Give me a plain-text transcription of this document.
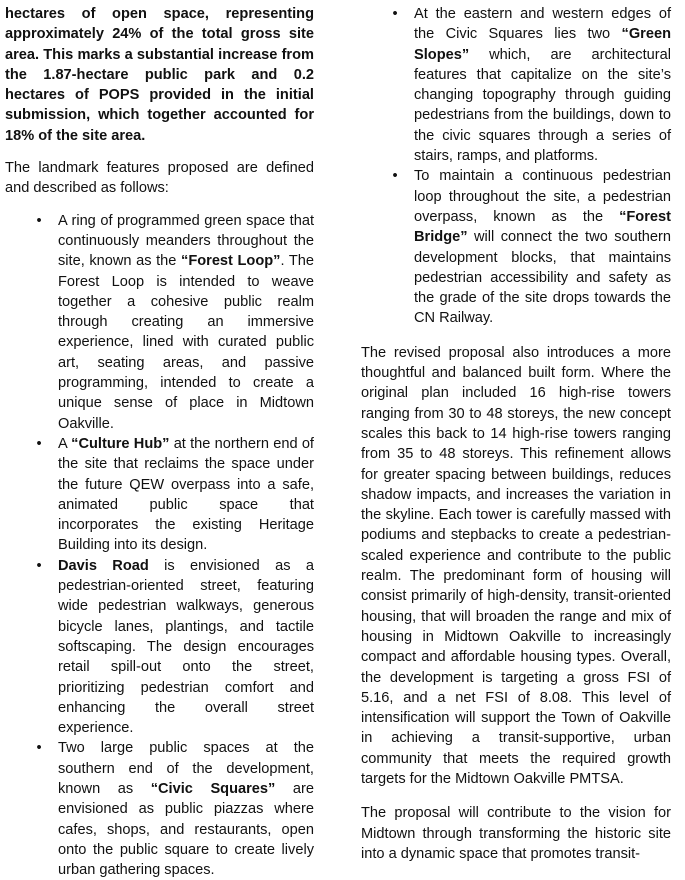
hectares of open space, representing approximately 24% of the total gross site area. This marks a substantial increase from the 1.87-hectare public park and 0.2 hectares of POPS provided in the initial submission, which together accounted for 18% of the site area.

The landmark features proposed are defined and described as follows:

• A ring of programmed green space that continuously meanders throughout the site, known as the “Forest Loop”. The Forest Loop is intended to weave together a cohesive public realm through creating an immersive experience, lined with curated public art, seating areas, and passive programming, intended to create a unique sense of place in Midtown Oakville.
• A “Culture Hub” at the northern end of the site that reclaims the space under the future QEW overpass into a safe, animated public space that incorporates the existing Heritage Building into its design.
• Davis Road is envisioned as a pedestrian-oriented street, featuring wide pedestrian walkways, generous bicycle lanes, plantings, and tactile softscaping. The design encourages retail spill-out onto the street, prioritizing pedestrian comfort and enhancing the overall street experience.
• Two large public spaces at the southern end of the development, known as “Civic Squares” are envisioned as public piazzas where cafes, shops, and restaurants, open onto the public square to create lively urban gathering spaces.
• At the eastern and western edges of the Civic Squares lies two “Green Slopes” which, are architectural features that capitalize on the site’s changing topography through guiding pedestrians from the buildings, down to the civic squares through a series of stairs, ramps, and platforms.
• To maintain a continuous pedestrian loop throughout the site, a pedestrian overpass, known as the “Forest Bridge” will connect the two southern development blocks, that maintains pedestrian accessibility and safety as the grade of the site drops towards the CN Railway.

The revised proposal also introduces a more thoughtful and balanced built form. Where the original plan included 16 high-rise towers ranging from 30 to 48 storeys, the new concept scales this back to 14 high-rise towers ranging from 35 to 48 storeys. This refinement allows for greater spacing between buildings, reduces shadow impacts, and increases the variation in the skyline. Each tower is carefully massed with podiums and stepbacks to create a pedestrian-scaled experience and contribute to the public realm. The predominant form of housing will consist primarily of high-density, transit-oriented housing, that will broaden the range and mix of housing in Midtown Oakville to increasingly compact and affordable housing types. Overall, the development is targeting a gross FSI of 5.16, and a net FSI of 8.08. This level of intensification will support the Town of Oakville in achieving a transit-supportive, urban community that meets the required growth targets for the Midtown Oakville PMTSA.

The proposal will contribute to the vision for Midtown through transforming the historic site into a dynamic space that promotes transit-
